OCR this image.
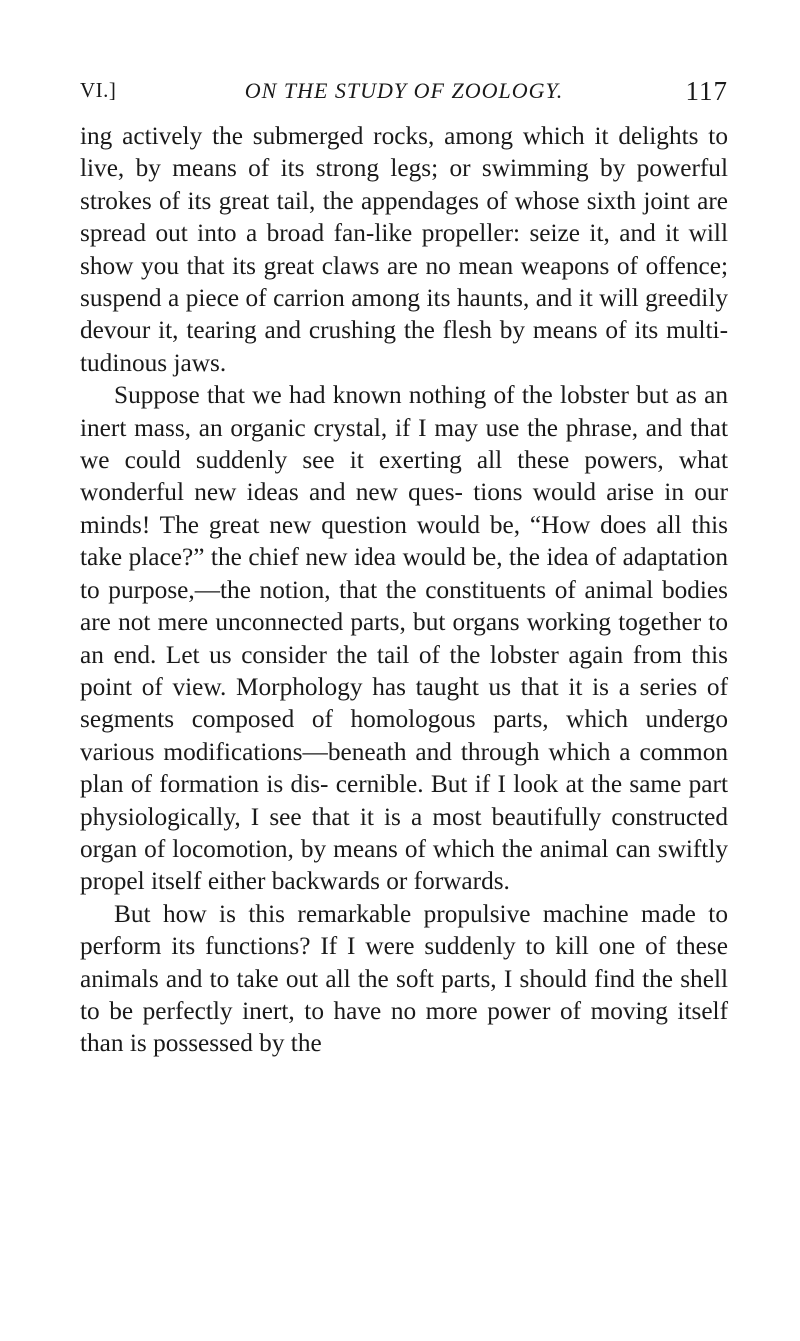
VI.]	ON THE STUDY OF ZOOLOGY.	117

ing actively the submerged rocks, among which it delights to live, by means of its strong legs; or swimming by powerful strokes of its great tail, the appendages of whose sixth joint are spread out into a broad fan-like propeller: seize it, and it will show you that its great claws are no mean weapons of offence; suspend a piece of carrion among its haunts, and it will greedily devour it, tearing and crushing the flesh by means of its multi- tudinous jaws.

Suppose that we had known nothing of the lobster but as an inert mass, an organic crystal, if I may use the phrase, and that we could suddenly see it exerting all these powers, what wonderful new ideas and new ques- tions would arise in our minds! The great new question would be, “How does all this take place?” the chief new idea would be, the idea of adaptation to purpose,—the notion, that the constituents of animal bodies are not mere unconnected parts, but organs working together to an end. Let us consider the tail of the lobster again from this point of view. Morphology has taught us that it is a series of segments composed of homologous parts, which undergo various modifications—beneath and through which a common plan of formation is dis- cernible. But if I look at the same part physiologically, I see that it is a most beautifully constructed organ of locomotion, by means of which the animal can swiftly propel itself either backwards or forwards.

But how is this remarkable propulsive machine made to perform its functions? If I were suddenly to kill one of these animals and to take out all the soft parts, I should find the shell to be perfectly inert, to have no more power of moving itself than is possessed by the
